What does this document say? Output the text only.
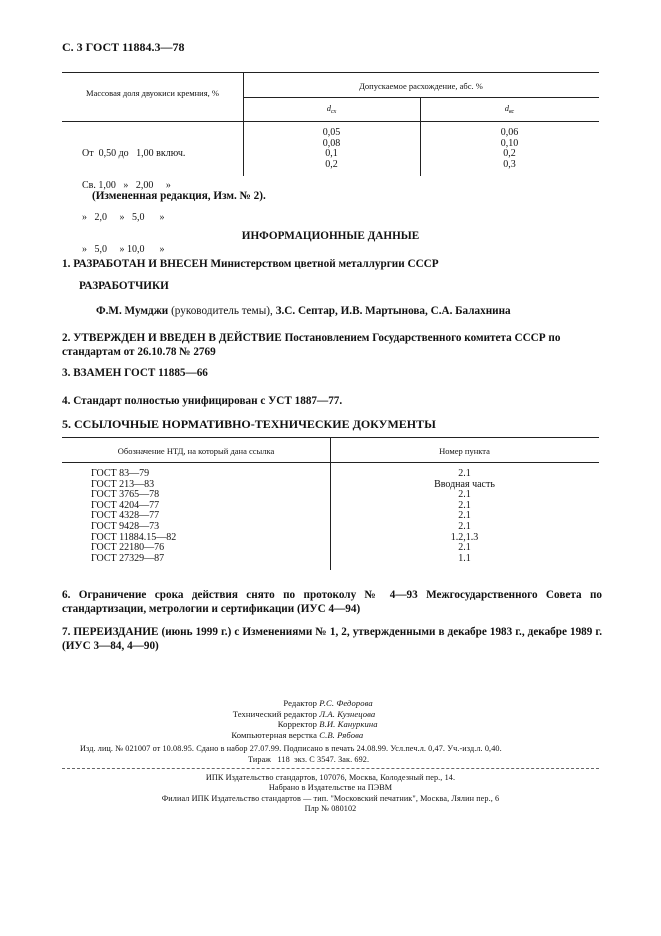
С. 3 ГОСТ 11884.3—78
Массовая доля двуокиси кремния, %
Допускаемое расхождение, абс. %
$d_{сх}$	$d_{вс}$

От  0,50 до   1,00 включ.

Св. 1,00   »   2,00     »

»   2,0     »   5,0      »

»   5,0     » 10,0      »

0,05
0,08
0,1
0,2
0,06
0,10
0,2
0,3
(Измененная редакция, Изм. № 2).
ИНФОРМАЦИОННЫЕ ДАННЫЕ
1. РАЗРАБОТАН И ВНЕСЕН Министерством цветной металлургии СССР
РАЗРАБОТЧИКИ
Ф.М. Мумджи (руководитель темы), З.С. Септар, И.В. Мартынова, С.А. Балахнина
2. УТВЕРЖДЕН И ВВЕДЕН В ДЕЙСТВИЕ Постановлением Государственного комитета СССР по стандартам от 26.10.78 № 2769
3. ВЗАМЕН ГОСТ 11885—66
4. Стандарт полностью унифицирован с УСТ 1887—77.
5. ССЫЛОЧНЫЕ НОРМАТИВНО-ТЕХНИЧЕСКИЕ ДОКУМЕНТЫ
Обозначение НТД, на который дана ссылка	Номер пункта
ГОСТ 83—79
ГОСТ 213—83
ГОСТ 3765—78
ГОСТ 4204—77
ГОСТ 4328—77
ГОСТ 9428—73
ГОСТ 11884.15—82
ГОСТ 22180—76
ГОСТ 27329—87
2.1
Вводная часть
2.1
2.1
2.1
2.1
1.2,1.3
2.1
1.1
6. Ограничение срока действия снято по протоколу № 4—93 Межгосударственного Совета по стандартизации, метрологии и сертификации (ИУС 4—94)
7. ПЕРЕИЗДАНИЕ (июнь 1999 г.) с Изменениями № 1, 2, утвержденными в декабре 1983 г., декабре 1989 г. (ИУС 3—84, 4—90)
Редактор Р.С. Федорова
Технический редактор Л.А. Кузнецова
Корректор В.И. Кануркина
Компьютерная верстка С.В. Рябова
Изд. лиц. № 021007 от 10.08.95. Сдано в набор 27.07.99. Подписано в печать 24.08.99. Усл.печ.л. 0,47. Уч.-изд.л. 0,40.
Тираж   118  экз. С 3547. Зак. 692.
ИПК Издательство стандартов, 107076, Москва, Колодезный пер., 14.
Набрано в Издательстве на ПЭВМ
Филиал ИПК Издательство стандартов — тип. "Московский печатник", Москва, Лялин пер., 6
Плр № 080102
